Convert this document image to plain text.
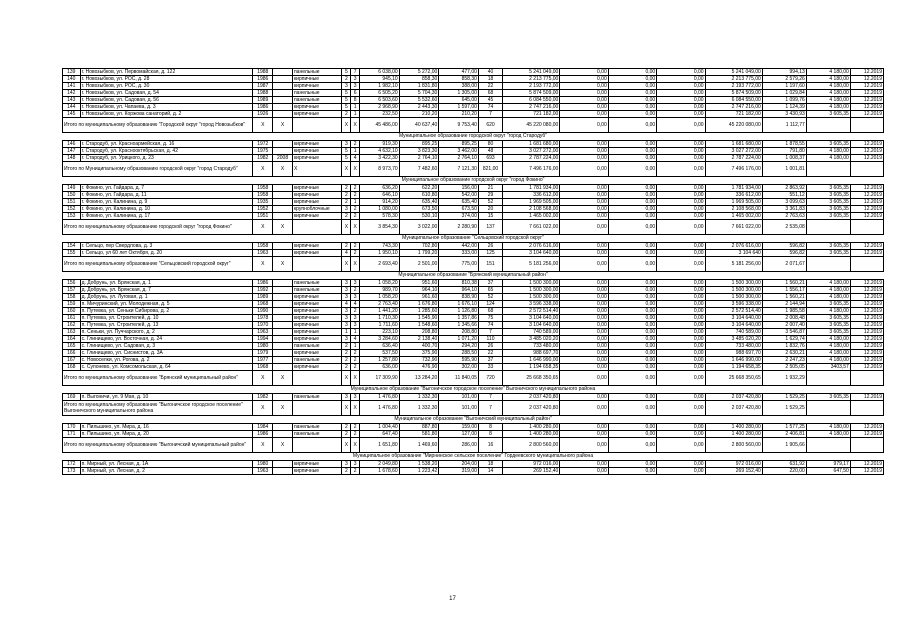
139	г. Новозыбков, ул. Первомайская, д. 122	1988		панельные	5	7	6 038,00	5 272,00	477,00	40	5 241 049,00	0,00	0,00	0,00	5 241 049,00	994,13	4 180,00	12.2019
140	г. Новозыбков, ул. РОС, д. 28	1986		кирпичные	2	3	945,10	858,30	858,30	18	2 213 775,00	0,00	0,00	0,00	2 213 775,00	2 579,26	4 180,00	12.2019
141	г. Новозыбков, ул. РОС, д. 30	1987		кирпичные	3	3	1 982,10	1 831,80	388,00	22	2 193 772,00	0,00	0,00	0,00	2 193 772,00	1 197,60	4 180,00	12.2019
142	г. Новозыбков, ул. Садовая, д. 54	1988		панельные	5	6	6 505,20	5 704,30	1 305,00	68	5 874 509,00	0,00	0,00	0,00	5 874 509,00	1 029,84	4 180,00	12.2019
143	г. Новозыбков, ул. Садовая, д. 56	1989		панельные	5	8	6 503,60	5 532,60	645,00	45	6 084 550,00	0,00	0,00	0,00	6 084 550,00	1 099,76	4 180,00	12.2019
144	г. Новозыбков, ул. Чапаева, д. 3	1986		кирпичные	5	1	2 968,90	2 443,30	1 597,00	74	2 747 216,00	0,00	0,00	0,00	2 747 216,00	1 124,39	4 180,00	12.2019
145	г. Новозыбков, ул. Коржова санаторий, д. 2	1926		кирпичные	2	1	232,50	210,20	210,20	7	721 182,00	0,00	0,00	0,00	721 182,00	3 430,93	3 605,35	12.2019
Итого по муниципальному образованию "Городской округ "город Новозыбков"		X	X		X	X	45 486,00	40 637,40	9 753,40	620	45 220 080,00	0,00	0,00	0,00	45 220 080,00	1 112,77		
Муниципальное образование городской округ "город Стародуб"																		
146	г. Стародуб, ул. Красноармейская, д. 16	1972		кирпичные	3	2	919,30	895,25	895,25	80	1 681 680,00	0,00	0,00	0,00	1 681 680,00	1 878,55	3 605,35	12.2019
147	г. Стародуб, ул. Краснооктябрьская, д. 42	1975		кирпичные	5	1	4 632,10	3 823,30	3 462,00	48	3 027 272,00	0,00	0,00	0,00	3 027 272,00	791,80	4 180,00	12.2019
148	г. Стародуб, ул. Урицкого, д. 23	1982	2008	кирпичные	5	4	3 422,30	2 764,10	2 764,10	693	2 787 224,00	0,00	0,00	0,00	2 787 224,00	1 008,37	4 180,00	12.2019
Итого по Муниципальному образованию городской округ "город Стародуб"		X	X	X	X	X	8 973,70	7 482,60	7 121,30	821,00	7 496 176,00	0,00	0,00	0,00	7 496 176,00	1 001,81		
Муниципальное образование городской округ "город Фокино"																		
149	г. Фокино, ул. Гайдара, д. 7	1958		кирпичные	2	2	636,20	622,20	156,00	21	1 781 934,00	0,00	0,00	0,00	1 781 934,00	2 863,92	3 605,35	12.2019
150	г. Фокино, ул. Гайдара, д. 11	1958		кирпичные	2	2	646,10	610,80	542,00	29	336 612,00	0,00	0,00	0,00	336 612,00	551,12	3 605,35	12.2019
151	г. Фокино, ул. Калинина, д. 9	1935		кирпичные	2	1	914,20	635,40	635,40	52	1 969 505,00	0,00	0,00	0,00	1 969 505,00	3 099,63	3 605,35	12.2019
152	г. Фокино, ул. Калинина, д. 10	1952		крупноблочные	3	2	1 080,00	673,50	673,50	20	2 108 568,00	0,00	0,00	0,00	2 108 568,00	3 361,83	3 605,35	12.2019
153	г. Фокино, ул. Калинина, д. 17	1951		кирпичные	2	2	578,30	530,10	374,00	15	1 465 002,00	0,00	0,00	0,00	1 465 002,00	2 763,63	3 605,35	12.2019
Итого по муниципальному образованию городской округ "город Фокино"		X	X		X	X	3 854,30	3 022,00	2 280,90	137	7 661 022,00	0,00	0,00	0,00	7 661 022,00	2 535,08		
Муниципальное образование "Сельцовский городской округ"																		
154	г. Сельцо, пер Свердлова, д. 3	1958		кирпичные	2	2	743,30	702,80	442,00	26	2 076 616,00	0,00	0,00	0,00	2 076 616,00	596,82	3 605,35	12.2019
155	г. Сельцо, ул 60 лет Октября, д. 20	1963		кирпичные	4	2	1 950,10	1 799,20	333,00	125	3 104 640,00	0,00	0,00	0,00	3 104 640	596,82	3 605,35	12.2019
Итого по муниципальному образованию "Сельцовский городской округ"		X	X		X	X	2 693,40	2 501,00	775,00	151	5 181 256,00	0,00	0,00	0,00	5 181 256,00	2 071,67		
Муниципальное образование "Брянский муниципальный район"																		
156	д. Добрунь, ул. Брянская, д. 1	1986		панельные	3	3	1 058,20	951,60	810,38	37	1 500 300,00	0,00	0,00	0,00	1 500 300,00	1 560,21	4 180,00	12.2019
157	д. Добрунь, ул. Брянская, д. 7	1992		панельные	3	2	989,70	964,10	964,10	65	1 500 300,00	0,00	0,00	0,00	1 500 300,00	1 556,17	4 180,00	12.2019
158	д. Добрунь, ул. Луговая, д. 1	1989		кирпичные	3	3	1 058,20	961,60	838,90	52	1 500 300,00	0,00	0,00	0,00	1 500 300,00	1 560,21	4 180,00	12.2019
159	п. Мичуринский, ул. Молодежная, д. 5	1968		кирпичные	4	4	2 763,40	1 676,80	1 676,10	124	3 596 338,00	0,00	0,00	0,00	3 596 338,00	2 144,94	3 605,35	12.2019
160	п. Путевка, ул. Сеньки Сибирова, д. 2	1990		кирпичные	3	2	1 441,20	1 285,60	1 126,80	68	2 572 514,40	0,00	0,00	0,00	2 572 514,40	1 985,58	4 180,00	12.2019
161	п. Путевка, ул. Строителей, д. 10	1978		кирпичные	3	3	1 710,30	1 545,90	1 357,86	75	3 104 640,00	0,00	0,00	0,00	3 104 640,00	2 008,48	3 605,35	12.2019
162	п. Путевка, ул. Строителей, д. 13	1970		кирпичные	3	3	1 711,60	1 548,60	1 345,66	74	3 104 640,00	0,00	0,00	0,00	3 104 640,00	2 007,40	3 605,35	12.2019
163	п. Сеньки, ул. Пуччарского, д. 2	1963		кирпичные	1	1	223,10	208,80	208,80	7	740 589,00	0,00	0,00	0,00	740 589,00	3 546,87	3 605,35	12.2019
164	с. Глинищево, ул. Восточная, д. 24	1994		кирпичные	3	4	3 284,60	2 138,40	1 071,20	110	3 485 020,20	0,00	0,00	0,00	3 485 020,20	1 629,74	4 180,00	12.2019
165	с. Глинищево, ул. Садовая, д. 3	1980		панельные	2	1	636,40	400,70	294,20	26	733 480,00	0,00	0,00	0,00	733 480,00	1 832,76	4 180,00	12.2019
166	с. Глинищево, ул. Сиснистов, д. 3А	1979		кирпичные	2	2	537,50	375,90	288,50	22	988 697,70	0,00	0,00	0,00	988 697,70	2 630,21	4 180,00	12.2019
167	с. Новоселки, ул. Рогова, д. 2	1977		панельные	2	2	1 257,80	732,90	595,90	37	1 646 990,00	0,00	0,00	0,00	1 646 990,00	2 247,23	4 180,00	12.2019
168	с. Супонево, ул. Комсомольская, д. 64	1968		кирпичные	2	2	636,00	476,90	302,00	33	1 194 658,35	0,00	0,00	0,00	1 194 658,35	2 505,05	3403,57	12.2019
Итого по муниципальному образованию "Брянский муниципальный район"		X	X		X	X	17 309,90	13 284,20	11 840,05	720	25 668 350,65	0,00	0,00	0,00	25 668 350,65	1 932,29		
Муниципальное образование "Выгоничское городское поселение" Выгоничского муниципального района																		
169	п. Выгоничи, ул. 9 Мая, д. 10	1982		панельные	3	3	1 476,80	1 332,30	101,00	7	2 037 420,80	0,00	0,00	0,00	2 037 420,80	1 529,25	3 605,35	12.2019
Итого по муниципальному образованию "Выгоничское городское поселение" Выгоничского муниципального района		X	X		X	X	1 476,80	1 332,30	101,00	7	2 037 420,80	0,00	0,00	0,00	2 037 420,80	1 529,25		
Муниципальное образование "Выгоничский муниципальный район"																		
170	п. Пильшино, ул. Мира, д. 16	1984		панельные	2	2	1 004,40	887,80	159,00	8	1 400 280,00	0,00	0,00	0,00	1 400 280,00	1 577,25	4 180,00	12.2019
171	п. Пильшино, ул. Мира, д. 20	1986		панельные	2	2	647,40	581,80	127,00	8	1 400 280,00	0,00	0,00	0,00	1 400 280,00	2 406,81	4 180,00	12.2019
Итого по муниципальному образованию "Выгоничский муниципальный район"		X	X		X	X	1 651,80	1 469,60	286,00	16	2 800 560,00	0,00	0,00	0,00	2 800 560,00	1 905,66		
Муниципальное образование "Мирнинское сельское поселение" Гордеевского муниципального района																		
172	п. Мирный, ул. Лесная, д. 1А	1980		кирпичные	3	3	2 049,80	1 538,20	204,00	18	972 016,00	0,00	0,00	0,00	972 016,00	631,92	979,17	12.2019
173	п. Мирный, ул. Лесная, д. 2	1963		кирпичные	2	2	1 678,60	1 223,42	319,00	14	269 152,40	0,00	0,00	0,00	269 152,40	220,00	647,50	12.2019
17
